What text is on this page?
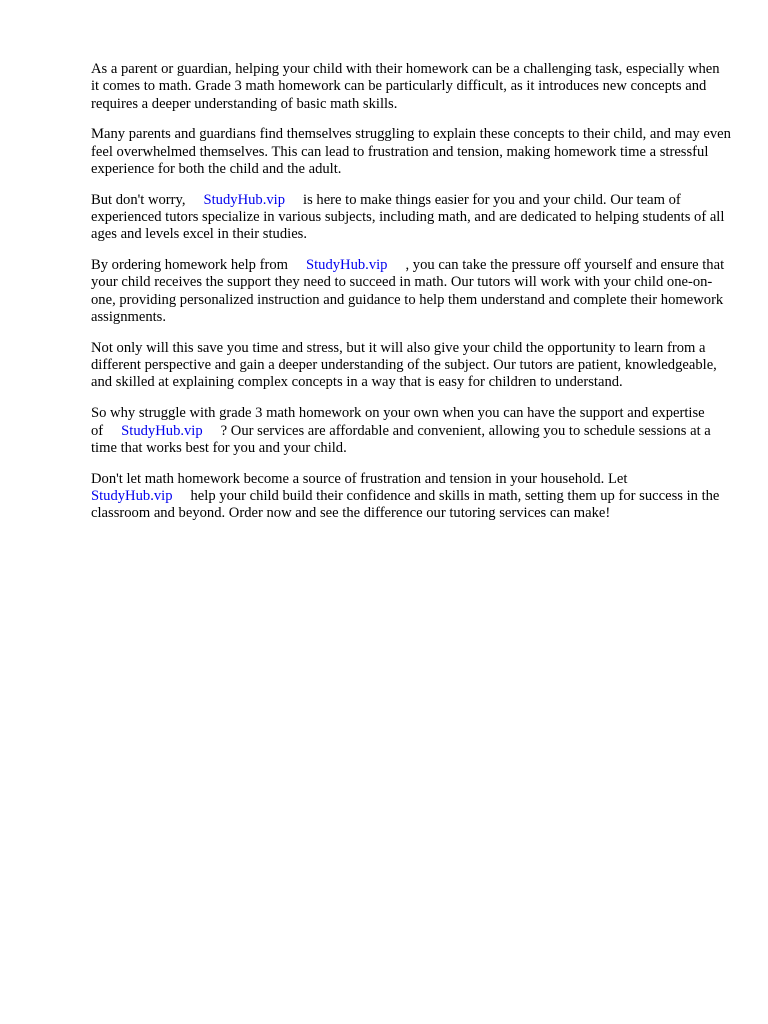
As a parent or guardian, helping your child with their homework can be a challenging task, especially when it comes to math. Grade 3 math homework can be particularly difficult, as it introduces new concepts and requires a deeper understanding of basic math skills.

Many parents and guardians find themselves struggling to explain these concepts to their child, and may even feel overwhelmed themselves. This can lead to frustration and tension, making homework time a stressful experience for both the child and the adult.

But don't worry, StudyHub.vip is here to make things easier for you and your child. Our team of experienced tutors specialize in various subjects, including math, and are dedicated to helping students of all ages and levels excel in their studies.

By ordering homework help from StudyHub.vip , you can take the pressure off yourself and ensure that your child receives the support they need to succeed in math. Our tutors will work with your child one-on-one, providing personalized instruction and guidance to help them understand and complete their homework assignments.

Not only will this save you time and stress, but it will also give your child the opportunity to learn from a different perspective and gain a deeper understanding of the subject. Our tutors are patient, knowledgeable, and skilled at explaining complex concepts in a way that is easy for children to understand.

So why struggle with grade 3 math homework on your own when you can have the support and expertise of StudyHub.vip ? Our services are affordable and convenient, allowing you to schedule sessions at a time that works best for you and your child.

Don't let math homework become a source of frustration and tension in your household. Let StudyHub.vip help your child build their confidence and skills in math, setting them up for success in the classroom and beyond. Order now and see the difference our tutoring services can make!
